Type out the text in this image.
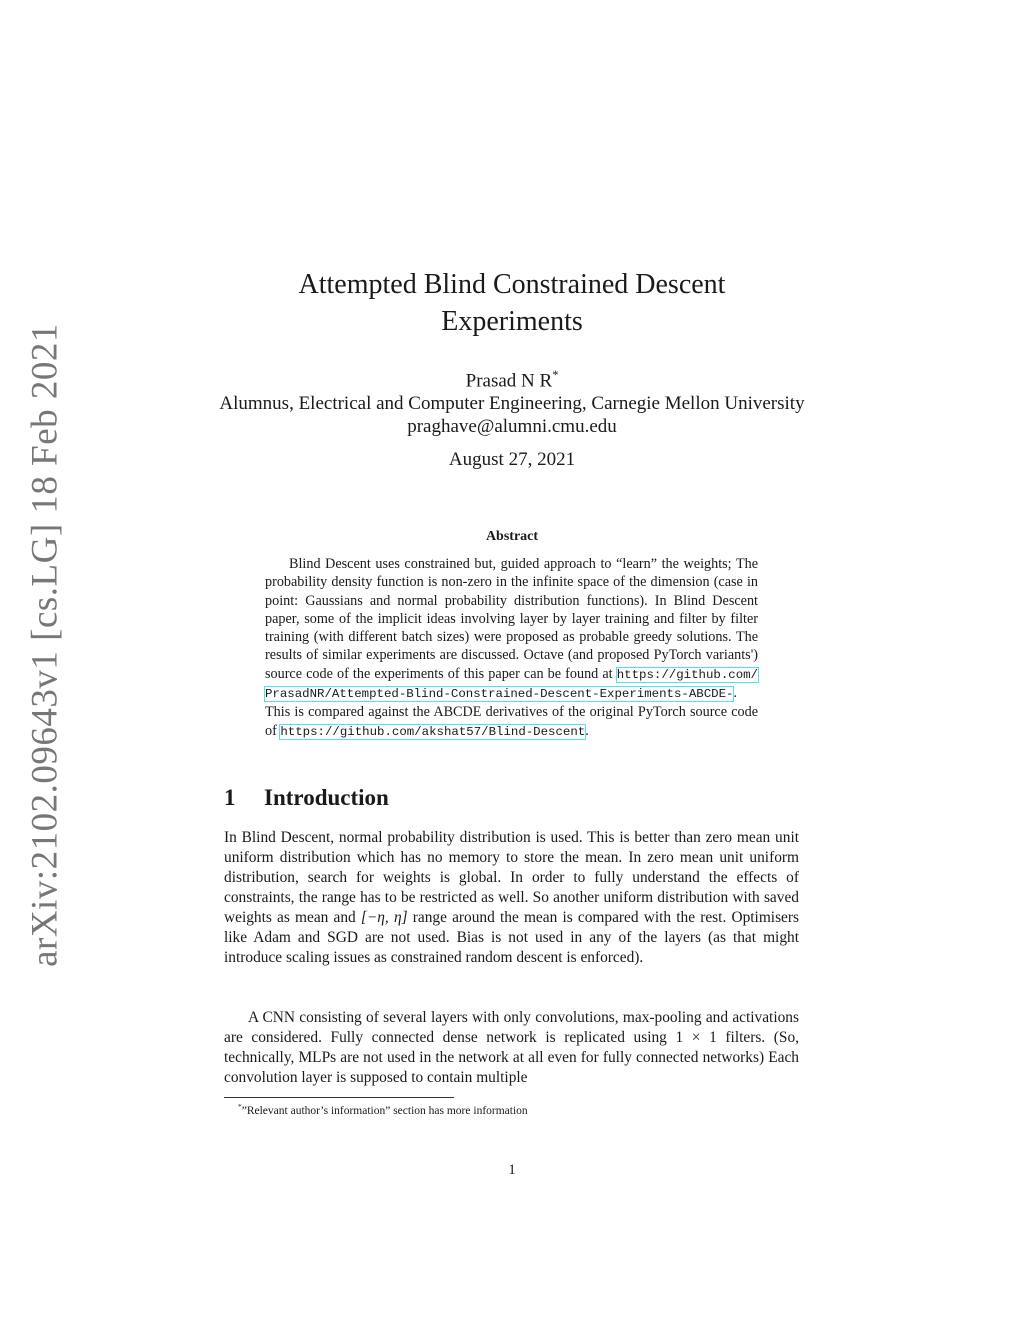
arXiv:2102.09643v1 [cs.LG] 18 Feb 2021
Attempted Blind Constrained Descent
Experiments
Prasad N R*
Alumnus, Electrical and Computer Engineering, Carnegie Mellon University
praghave@alumni.cmu.edu
August 27, 2021
Abstract

Blind Descent uses constrained but, guided approach to “learn” the weights; The probability density function is non-zero in the infinite space of the dimension (case in point: Gaussians and normal probability distribution functions). In Blind Descent paper, some of the implicit ideas involving layer by layer training and filter by filter training (with different batch sizes) were proposed as probable greedy solutions. The results of similar experiments are discussed. Octave (and proposed PyTorch variants') source code of the experiments of this paper can be found at https://github.com/PrasadNR/Attempted-Blind-Constrained-Descent-Experiments-ABCDE-. This is compared against the ABCDE derivatives of the original PyTorch source code of https://github.com/akshat57/Blind-Descent.

1 Introduction

In Blind Descent, normal probability distribution is used. This is better than zero mean unit uniform distribution which has no memory to store the mean. In zero mean unit uniform distribution, search for weights is global. In order to fully understand the effects of constraints, the range has to be restricted as well. So another uniform distribution with saved weights as mean and [−η, η] range around the mean is compared with the rest. Optimisers like Adam and SGD are not used. Bias is not used in any of the layers (as that might introduce scaling issues as constrained random descent is enforced).

A CNN consisting of several layers with only convolutions, max-pooling and activations are considered. Fully connected dense network is replicated using 1 × 1 filters. (So, technically, MLPs are not used in the network at all even for fully connected networks) Each convolution layer is supposed to contain multiple

*”Relevant author’s information” section has more information
1
